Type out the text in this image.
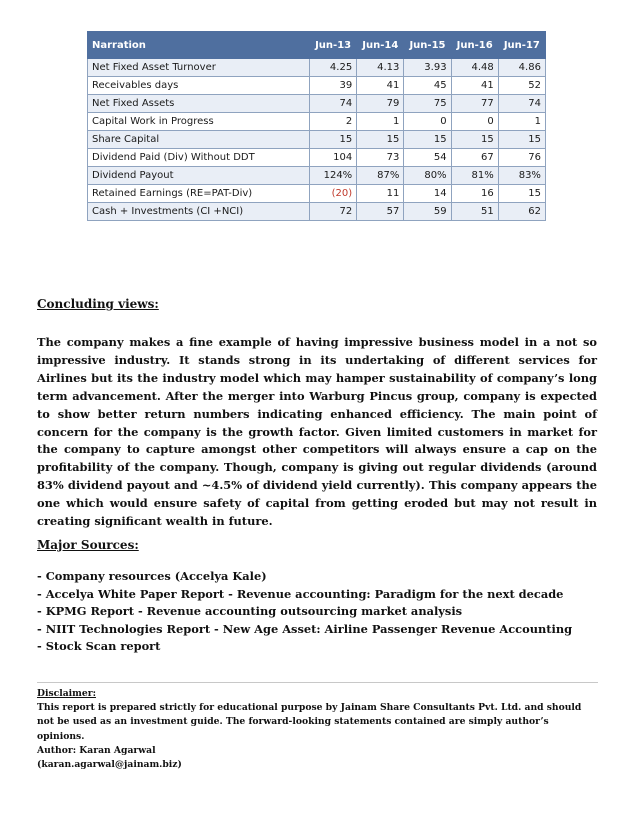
Narration	Jun-13	Jun-14	Jun-15	Jun-16	Jun-17
Net Fixed Asset Turnover	4.25	4.13	3.93	4.48	4.86
Receivables days	39	41	45	41	52
Net Fixed Assets	74	79	75	77	74
Capital Work in Progress	2	1	0	0	1
Share Capital	15	15	15	15	15
Dividend Paid (Div) Without DDT	104	73	54	67	76
Dividend Payout	124%	87%	80%	81%	83%
Retained Earnings (RE=PAT-Div)	(20)	11	14	16	15
Cash + Investments (CI +NCI)	72	57	59	51	62
Concluding views:

The company makes a fine example of having impressive business model in a not so impressive industry. It stands strong in its undertaking of different services for Airlines but its the industry model which may hamper sustainability of company’s long term advancement. After the merger into Warburg Pincus group, company is expected to show better return numbers indicating enhanced efficiency. The main point of concern for the company is the growth factor. Given limited customers in market for the company to capture amongst other competitors will always ensure a cap on the profitability of the company. Though, company is giving out regular dividends (around 83% dividend payout and ~4.5% of dividend yield currently). This company appears the one which would ensure safety of capital from getting eroded but may not result in creating significant wealth in future.

Major Sources:
- Company resources (Accelya Kale)
- Accelya White Paper Report - Revenue accounting: Paradigm for the next decade
- KPMG Report - Revenue accounting outsourcing market analysis
- NIIT Technologies Report - New Age Asset: Airline Passenger Revenue Accounting
- Stock Scan report
Disclaimer:
This report is prepared strictly for educational purpose by Jainam Share Consultants Pvt. Ltd. and should not be used as an investment guide. The forward-looking statements contained are simply author’s opinions.
Author: Karan Agarwal
(karan.agarwal@jainam.biz)
